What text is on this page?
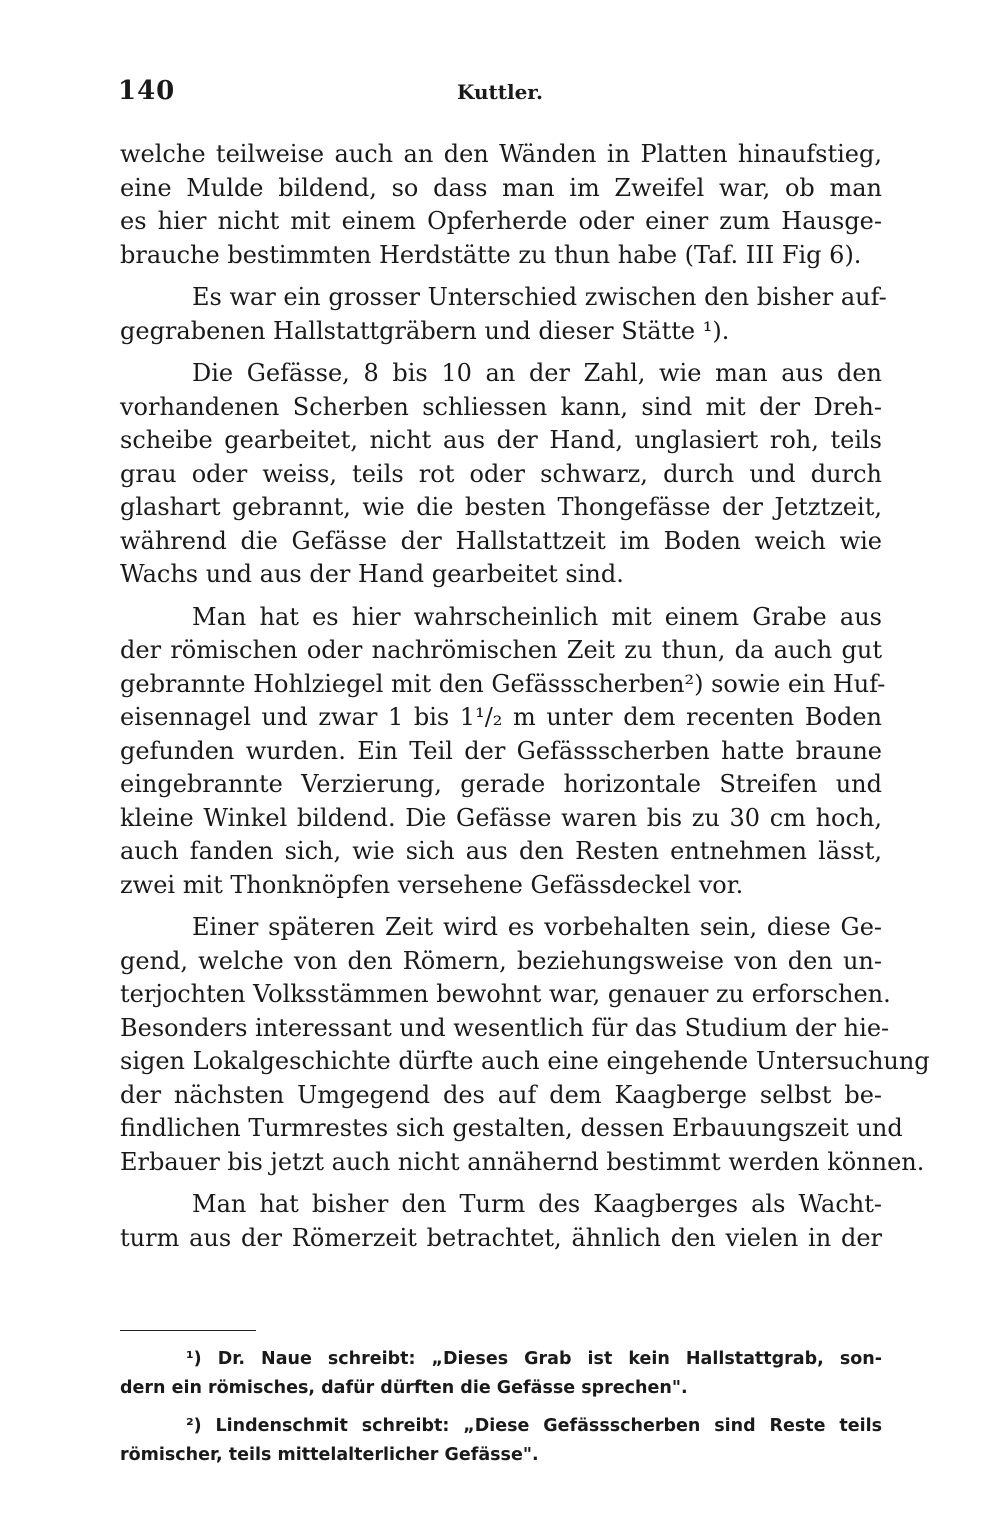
140	Kuttler.
welche teilweise auch an den Wänden in Platten hinaufstieg,
eine Mulde bildend, so dass man im Zweifel war, ob man
es hier nicht mit einem Opferherde oder einer zum Hausge-
brauche bestimmten Herdstätte zu thun habe (Taf. III Fig 6).
Es war ein grosser Unterschied zwischen den bisher auf-
gegrabenen Hallstattgräbern und dieser Stätte ¹).
Die Gefässe, 8 bis 10 an der Zahl, wie man aus den
vorhandenen Scherben schliessen kann, sind mit der Dreh-
scheibe gearbeitet, nicht aus der Hand, unglasiert roh, teils
grau oder weiss, teils rot oder schwarz, durch und durch
glashart gebrannt, wie die besten Thongefässe der Jetztzeit,
während die Gefässe der Hallstattzeit im Boden weich wie
Wachs und aus der Hand gearbeitet sind.
Man hat es hier wahrscheinlich mit einem Grabe aus
der römischen oder nachrömischen Zeit zu thun, da auch gut
gebrannte Hohlziegel mit den Gefässscherben²) sowie ein Huf-
eisennagel und zwar 1 bis 1¹/₂ m unter dem recenten Boden
gefunden wurden. Ein Teil der Gefässscherben hatte braune
eingebrannte Verzierung, gerade horizontale Streifen und
kleine Winkel bildend. Die Gefässe waren bis zu 30 cm hoch,
auch fanden sich, wie sich aus den Resten entnehmen lässt,
zwei mit Thonknöpfen versehene Gefässdeckel vor.
Einer späteren Zeit wird es vorbehalten sein, diese Ge-
gend, welche von den Römern, beziehungsweise von den un-
terjochten Volksstämmen bewohnt war, genauer zu erforschen.
Besonders interessant und wesentlich für das Studium der hie-
sigen Lokalgeschichte dürfte auch eine eingehende Untersuchung
der nächsten Umgegend des auf dem Kaagberge selbst be-
findlichen Turmrestes sich gestalten, dessen Erbauungszeit und
Erbauer bis jetzt auch nicht annähernd bestimmt werden können.
Man hat bisher den Turm des Kaagberges als Wacht-
turm aus der Römerzeit betrachtet, ähnlich den vielen in der
¹) Dr. Naue schreibt: „Dieses Grab ist kein Hallstattgrab, son-
dern ein römisches, dafür dürften die Gefässe sprechen".
²) Lindenschmit schreibt: „Diese Gefässscherben sind Reste teils
römischer, teils mittelalterlicher Gefässe".
